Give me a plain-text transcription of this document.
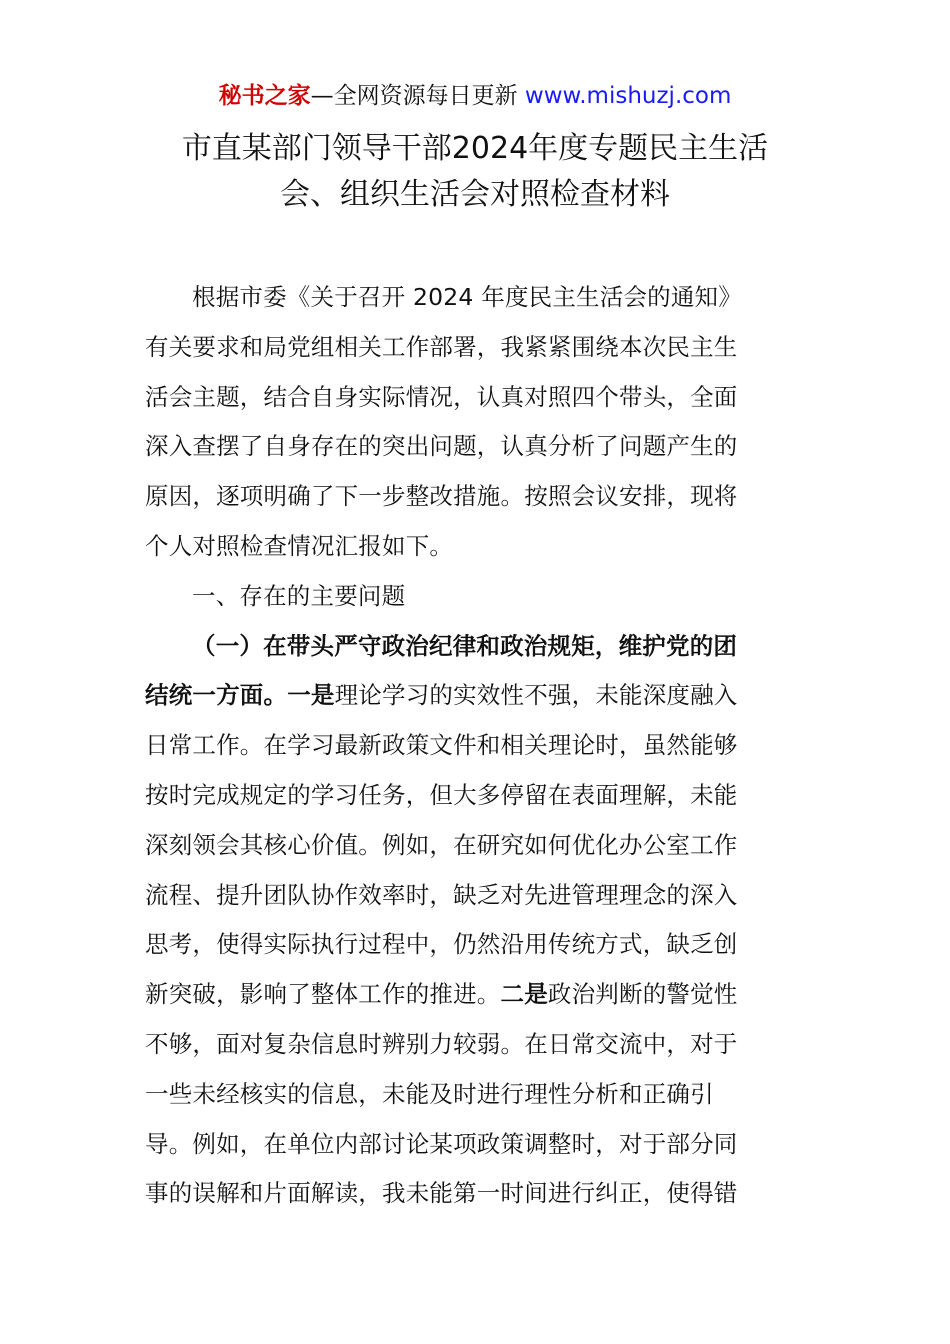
秘书之家—全网资源每日更新 www.mishuzj.com
市直某部门领导干部2024年度专题民主生活
会、组织生活会对照检查材料
根据市委《关于召开 2024 年度民主生活会的通知》
有关要求和局党组相关工作部署，我紧紧围绕本次民主生
活会主题，结合自身实际情况，认真对照四个带头，全面
深入查摆了自身存在的突出问题，认真分析了问题产生的
原因，逐项明确了下一步整改措施。按照会议安排，现将
个人对照检查情况汇报如下。
一、存在的主要问题
（一）在带头严守政治纪律和政治规矩，维护党的团
结统一方面。一是理论学习的实效性不强，未能深度融入
日常工作。在学习最新政策文件和相关理论时，虽然能够
按时完成规定的学习任务，但大多停留在表面理解，未能
深刻领会其核心价值。例如，在研究如何优化办公室工作
流程、提升团队协作效率时，缺乏对先进管理理念的深入
思考，使得实际执行过程中，仍然沿用传统方式，缺乏创
新突破，影响了整体工作的推进。二是政治判断的警觉性
不够，面对复杂信息时辨别力较弱。在日常交流中，对于
一些未经核实的信息，未能及时进行理性分析和正确引
导。例如，在单位内部讨论某项政策调整时，对于部分同
事的误解和片面解读，我未能第一时间进行纠正，使得错
